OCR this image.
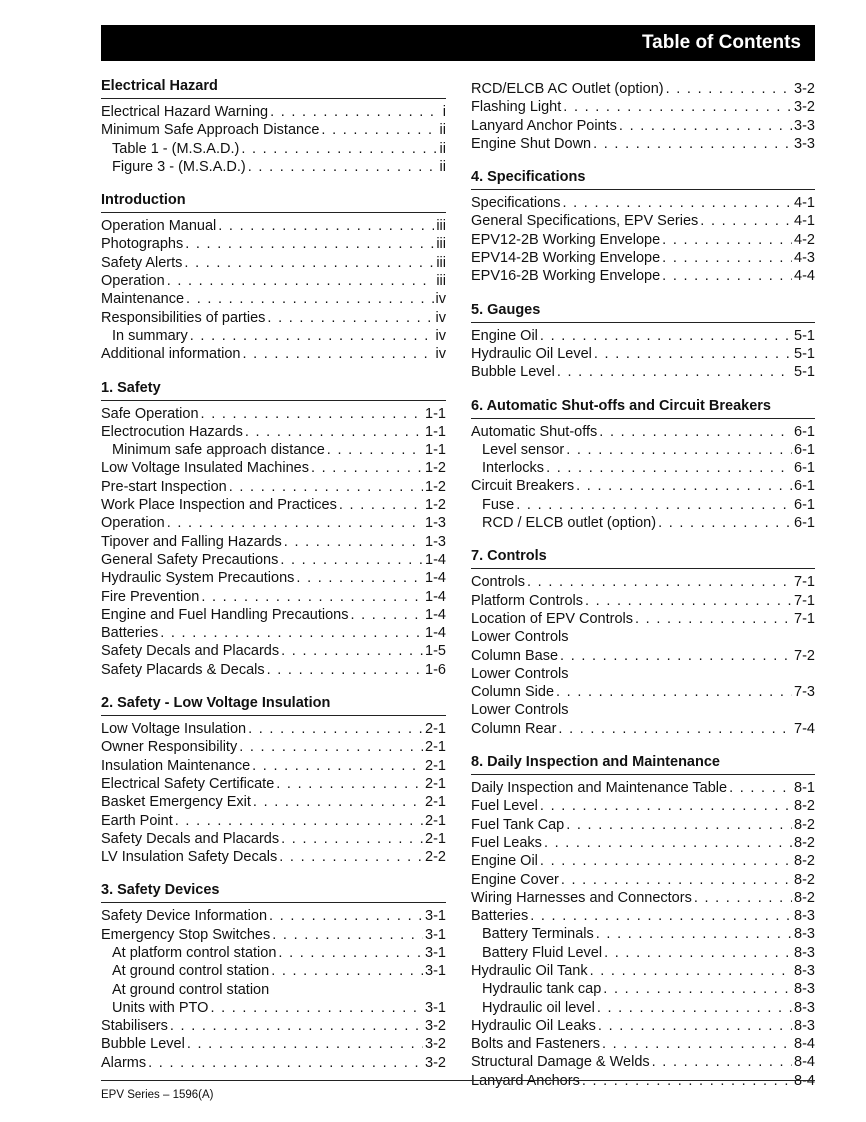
Table of Contents
Electrical Hazard
Electrical Hazard Warning . . .	i
Minimum Safe Approach Distance . . .	ii
Table 1 - (M.S.A.D.) . . .	ii
Figure 3 - (M.S.A.D.) . . .	ii
Introduction
Operation Manual . . .	iii
Photographs . . .	iii
Safety Alerts . . .	iii
Operation . . .	iii
Maintenance . . .	iv
Responsibilities of parties . . .	iv
In summary . . .	iv
Additional information . . .	iv
1. Safety
Safe Operation . . .	1-1
Electrocution Hazards . . .	1-1
Minimum safe approach distance . . .	1-1
Low Voltage Insulated Machines . . .	1-2
Pre-start Inspection . . .	1-2
Work Place Inspection and Practices . . .	1-2
Operation . . .	1-3
Tipover and Falling Hazards . . .	1-3
General Safety Precautions . . .	1-4
Hydraulic System Precautions . . .	1-4
Fire Prevention . . .	1-4
Engine and Fuel Handling Precautions . . .	1-4
Batteries . . .	1-4
Safety Decals and Placards . . .	1-5
Safety Placards & Decals . . .	1-6
2. Safety - Low Voltage Insulation
Low Voltage Insulation . . .	2-1
Owner Responsibility . . .	2-1
Insulation Maintenance . . .	2-1
Electrical Safety Certificate . . .	2-1
Basket Emergency Exit . . .	2-1
Earth Point . . .	2-1
Safety Decals and Placards . . .	2-1
LV Insulation Safety Decals . . .	2-2
3. Safety Devices
Safety Device Information . . .	3-1
Emergency Stop Switches . . .	3-1
At platform control station . . .	3-1
At ground control station . . .	3-1
At ground control station
Units with PTO . . .	3-1
Stabilisers . . .	3-2
Bubble Level . . .	3-2
Alarms . . .	3-2
RCD/ELCB AC Outlet (option) . . .	3-2
Flashing Light . . .	3-2
Lanyard Anchor Points . . .	3-3
Engine Shut Down . . .	3-3
4. Specifications
Specifications . . .	4-1
General Specifications, EPV Series . . .	4-1
EPV12-2B Working Envelope . . .	4-2
EPV14-2B Working Envelope . . .	4-3
EPV16-2B Working Envelope . . .	4-4
5. Gauges
Engine Oil . . .	5-1
Hydraulic Oil Level . . .	5-1
Bubble Level . . .	5-1
6. Automatic Shut-offs and Circuit Breakers
Automatic Shut-offs . . .	6-1
Level sensor . . .	6-1
Interlocks . . .	6-1
Circuit Breakers . . .	6-1
Fuse . . .	6-1
RCD / ELCB outlet (option) . . .	6-1
7. Controls
Controls . . .	7-1
Platform Controls . . .	7-1
Location of EPV Controls . . .	7-1
Lower Controls
Column Base . . .	7-2
Lower Controls
Column Side . . .	7-3
Lower Controls
Column Rear . . .	7-4
8. Daily Inspection and Maintenance
Daily Inspection and Maintenance Table . . .	8-1
Fuel Level . . .	8-2
Fuel Tank Cap . . .	8-2
Fuel Leaks . . .	8-2
Engine Oil . . .	8-2
Engine Cover . . .	8-2
Wiring Harnesses and Connectors . . .	8-2
Batteries . . .	8-3
Battery Terminals . . .	8-3
Battery Fluid Level . . .	8-3
Hydraulic Oil Tank . . .	8-3
Hydraulic tank cap . . .	8-3
Hydraulic oil level . . .	8-3
Hydraulic Oil Leaks . . .	8-3
Bolts and Fasteners . . .	8-4
Structural Damage & Welds . . .	8-4
Lanyard Anchors . . .	8-4
EPV Series – 1596(A)
